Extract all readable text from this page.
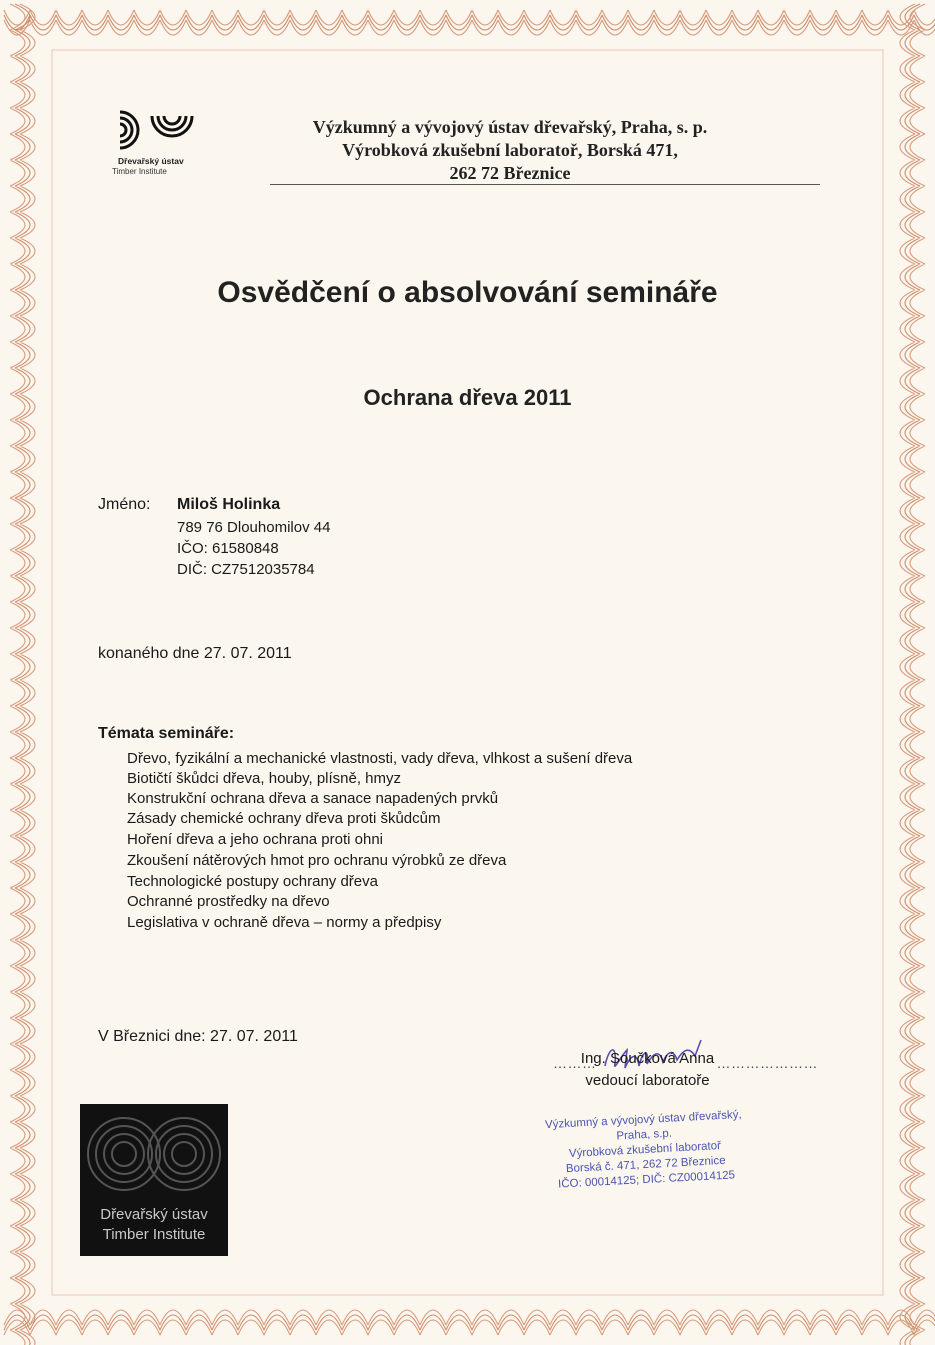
Dřevařský ústav
Timber Institute
Výzkumný a vývojový ústav dřevařský, Praha, s. p.
Výrobková zkušební laboratoř, Borská 471,
262 72 Březnice
Osvědčení o absolvování semináře
Ochrana dřeva 2011
Jméno: Miloš Holinka
789 76 Dlouhomilov 44
IČO: 61580848
DIČ: CZ7512035784
konaného dne 27. 07. 2011
Témata semináře:
Dřevo, fyzikální a mechanické vlastnosti, vady dřeva, vlhkost a sušení dřeva
Biotičtí škůdci dřeva, houby, plísně, hmyz
Konstrukční ochrana dřeva a sanace napadených prvků
Zásady chemické ochrany dřeva proti škůdcům
Hoření dřeva a jeho ochrana proti ohni
Zkoušení nátěrových hmot pro ochranu výrobků ze dřeva
Technologické postupy ochrany dřeva
Ochranné prostředky na dřevo
Legislativa v ochraně dřeva – normy a předpisy
V Březnici dne: 27. 07. 2011
………	…………………
Ing. Součková Anna
vedoucí laboratoře
Výzkumný a vývojový ústav dřevařský,
Praha, s.p.
Výrobková zkušební laboratoř
Borská č. 471, 262 72 Březnice
IČO: 00014125; DIČ: CZ00014125
Dřevařský ústav
Timber Institute
